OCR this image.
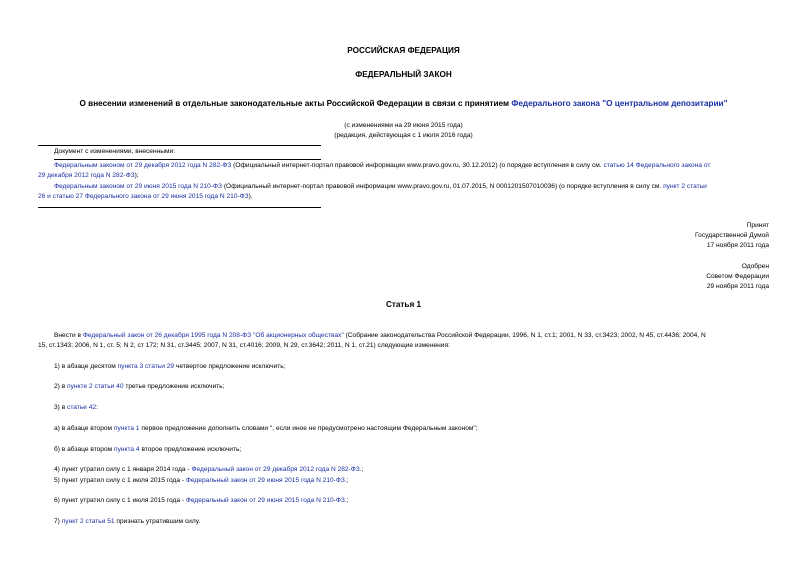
РОССИЙСКАЯ ФЕДЕРАЦИЯ
ФЕДЕРАЛЬНЫЙ ЗАКОН
О внесении изменений в отдельные законодательные акты Российской Федерации в связи с принятием Федерального закона "О центральном депозитарии"
(с изменениями на 29 июня 2015 года)
(редакция, действующая с 1 июля 2016 года)
Документ с изменениями, внесенными:
Федеральным законом от 29 декабря 2012 года N 282-ФЗ (Официальный интернет-портал правовой информации www.pravo.gov.ru, 30.12.2012) (о порядке вступления в силу см. статью 14 Федерального закона от
29 декабря 2012 года N 282-ФЗ);
Федеральным законом от 29 июня 2015 года N 210-ФЗ (Официальный интернет-портал правовой информации www.pravo.gov.ru, 01.07.2015, N 0001201507010036) (о порядке вступления в силу см. пункт 2 статьи
26 и статью 27 Федерального закона от 29 июня 2015 года N 210-ФЗ).
Принят
Государственной Думой
17 ноября 2011 года
Одобрен
Советом Федерации
29 ноября 2011 года
Статья 1
Внести в Федеральный закон от 26 декабря 1995 года N 208-ФЗ "Об акционерных обществах" (Собрание законодательства Российской Федерации, 1996, N 1, ст.1; 2001, N 33, ст.3423; 2002, N 45, ст.4436; 2004, N
15, ст.1343; 2006, N 1, ст. 5; N 2, ст 172; N 31, ст.3445; 2007, N 31, ст.4016; 2009, N 29, ст.3642; 2011, N 1, ст.21) следующие изменения:
1) в абзаце десятом пункта 3 статьи 29 четвертое предложение исключить;
2) в пункте 2 статьи 40 третье предложение исключить;
3) в статье 42:
а) в абзаце втором пункта 1 первое предложение дополнить словами ", если иное не предусмотрено настоящим Федеральным законом";
б) в абзаце втором пункта 4 второе предложение исключить;
4) пункт утратил силу с 1 января 2014 года - Федеральный закон от 29 декабря 2012 года N 282-ФЗ.;
5) пункт утратил силу с 1 июля 2015 года - Федеральный закон от 29 июня 2015 года N 210-ФЗ.;
6) пункт утратил силу с 1 июля 2015 года - Федеральный закон от 29 июня 2015 года N 210-ФЗ.;
7) пункт 2 статьи 51 признать утратившим силу.
